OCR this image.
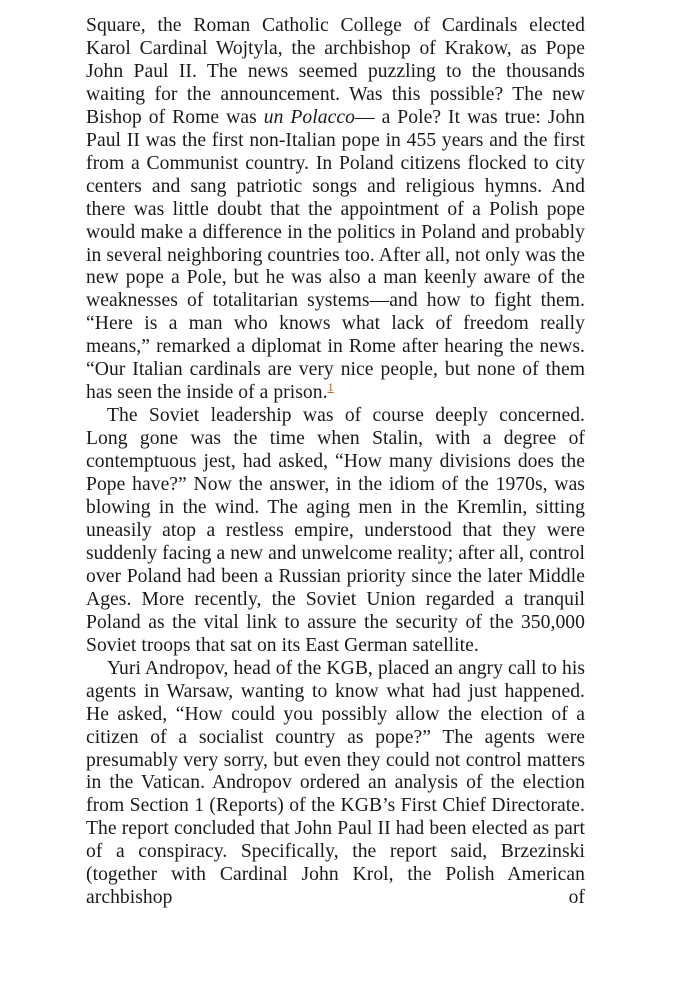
Square, the Roman Catholic College of Cardinals elected Karol Cardinal Wojtyla, the archbishop of Krakow, as Pope John Paul II. The news seemed puzzling to the thousands waiting for the announcement. Was this possible? The new Bishop of Rome was un Polacco— a Pole? It was true: John Paul II was the first non-Italian pope in 455 years and the first from a Communist country. In Poland citizens flocked to city centers and sang patriotic songs and religious hymns. And there was little doubt that the appointment of a Polish pope would make a difference in the politics in Poland and probably in several neighboring countries too. After all, not only was the new pope a Pole, but he was also a man keenly aware of the weaknesses of totalitarian systems—and how to fight them. “Here is a man who knows what lack of freedom really means,” remarked a diplomat in Rome after hearing the news. “Our Italian cardinals are very nice people, but none of them has seen the inside of a prison.$^1$

The Soviet leadership was of course deeply concerned. Long gone was the time when Stalin, with a degree of contemptuous jest, had asked, “How many divisions does the Pope have?” Now the answer, in the idiom of the 1970s, was blowing in the wind. The aging men in the Kremlin, sitting uneasily atop a restless empire, understood that they were suddenly facing a new and unwelcome reality; after all, control over Poland had been a Russian priority since the later Middle Ages. More recently, the Soviet Union regarded a tranquil Poland as the vital link to assure the security of the 350,000 Soviet troops that sat on its East German satellite.

Yuri Andropov, head of the KGB, placed an angry call to his agents in Warsaw, wanting to know what had just happened. He asked, “How could you possibly allow the election of a citizen of a socialist country as pope?” The agents were presumably very sorry, but even they could not control matters in the Vatican. Andropov ordered an analysis of the election from Section 1 (Reports) of the KGB’s First Chief Directorate. The report concluded that John Paul II had been elected as part of a conspiracy. Specifically, the report said, Brzezinski (together with Cardinal John Krol, the Polish American archbishop of
